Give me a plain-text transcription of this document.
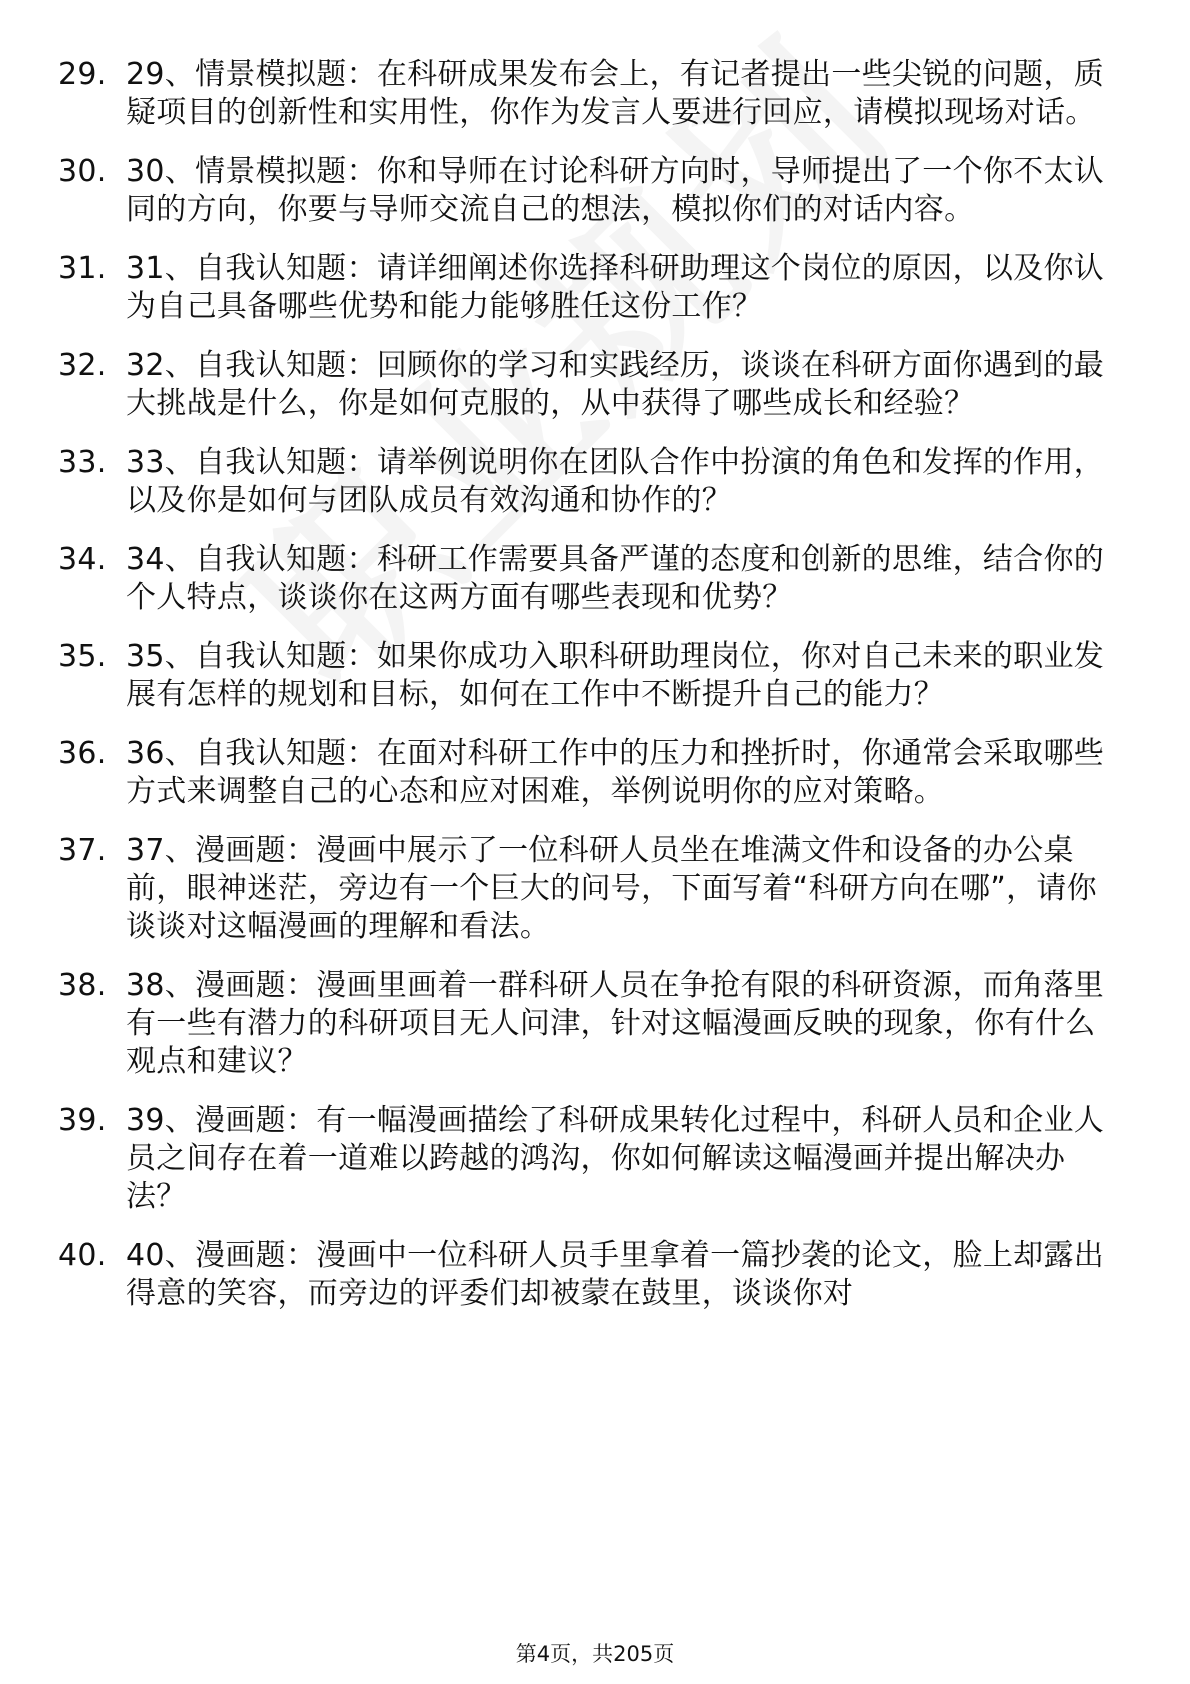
29. 29、情景模拟题：在科研成果发布会上，有记者提出一些尖锐的问题，质疑项目的创新性和实用性，你作为发言人要进行回应，请模拟现场对话。
30. 30、情景模拟题：你和导师在讨论科研方向时，导师提出了一个你不太认同的方向，你要与导师交流自己的想法，模拟你们的对话内容。
31. 31、自我认知题：请详细阐述你选择科研助理这个岗位的原因，以及你认为自己具备哪些优势和能力能够胜任这份工作？
32. 32、自我认知题：回顾你的学习和实践经历，谈谈在科研方面你遇到的最大挑战是什么，你是如何克服的，从中获得了哪些成长和经验？
33. 33、自我认知题：请举例说明你在团队合作中扮演的角色和发挥的作用，以及你是如何与团队成员有效沟通和协作的？
34. 34、自我认知题：科研工作需要具备严谨的态度和创新的思维，结合你的个人特点，谈谈你在这两方面有哪些表现和优势？
35. 35、自我认知题：如果你成功入职科研助理岗位，你对自己未来的职业发展有怎样的规划和目标，如何在工作中不断提升自己的能力？
36. 36、自我认知题：在面对科研工作中的压力和挫折时，你通常会采取哪些方式来调整自己的心态和应对困难，举例说明你的应对策略。
37. 37、漫画题：漫画中展示了一位科研人员坐在堆满文件和设备的办公桌前，眼神迷茫，旁边有一个巨大的问号，下面写着“科研方向在哪”，请你谈谈对这幅漫画的理解和看法。
38. 38、漫画题：漫画里画着一群科研人员在争抢有限的科研资源，而角落里有一些有潜力的科研项目无人问津，针对这幅漫画反映的现象，你有什么观点和建议？
39. 39、漫画题：有一幅漫画描绘了科研成果转化过程中，科研人员和企业人员之间存在着一道难以跨越的鸿沟，你如何解读这幅漫画并提出解决办法？
40. 40、漫画题：漫画中一位科研人员手里拿着一篇抄袭的论文，脸上却露出得意的笑容，而旁边的评委们却被蒙在鼓里，谈谈你对
第4页，共205页
